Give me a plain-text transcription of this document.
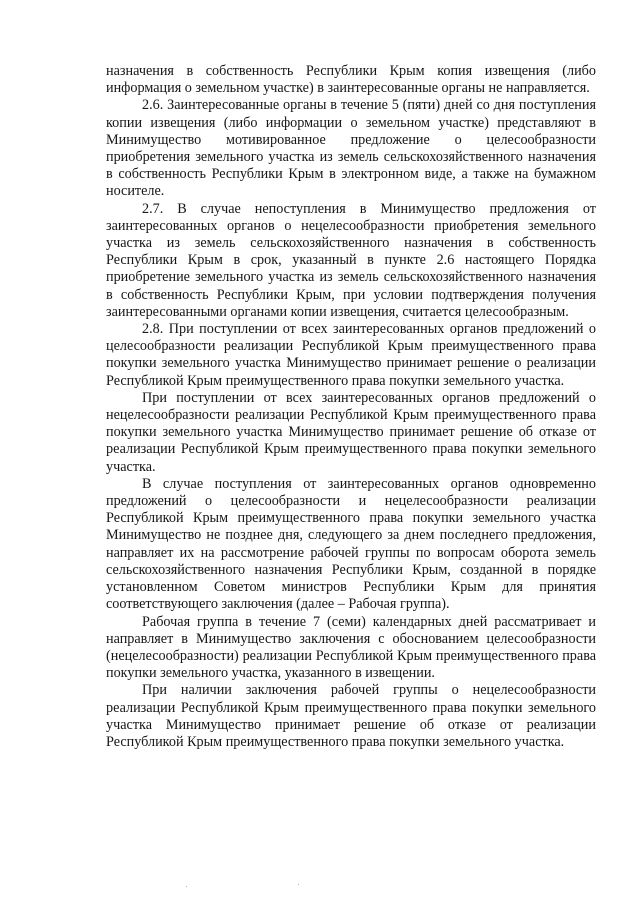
назначения в собственность Республики Крым копия извещения (либо информация о земельном участке) в заинтересованные органы не направляется.

2.6. Заинтересованные органы в течение 5 (пяти) дней со дня поступления копии извещения (либо информации о земельном участке) представляют в Минимущество мотивированное предложение о целесообразности приобретения земельного участка из земель сельскохозяйственного назначения в собственность Республики Крым в электронном виде, а также на бумажном носителе.

2.7. В случае непоступления в Минимущество предложения от заинтересованных органов о нецелесообразности приобретения земельного участка из земель сельскохозяйственного назначения в собственность Республики Крым в срок, указанный в пункте 2.6 настоящего Порядка приобретение земельного участка из земель сельскохозяйственного назначения в собственность Республики Крым, при условии подтверждения получения заинтересованными органами копии извещения, считается целесообразным.

2.8. При поступлении от всех заинтересованных органов предложений о целесообразности реализации Республикой Крым преимущественного права покупки земельного участка Минимущество принимает решение о реализации Республикой Крым преимущественного права покупки земельного участка.

При поступлении от всех заинтересованных органов предложений о нецелесообразности реализации Республикой Крым преимущественного права покупки земельного участка Минимущество принимает решение об отказе от реализации Республикой Крым преимущественного права покупки земельного участка.

В случае поступления от заинтересованных органов одновременно предложений о целесообразности и нецелесообразности реализации Республикой Крым преимущественного права покупки земельного участка Минимущество не позднее дня, следующего за днем последнего предложения, направляет их на рассмотрение рабочей группы по вопросам оборота земель сельскохозяйственного назначения Республики Крым, созданной в порядке установленном Советом министров Республики Крым для принятия соответствующего заключения (далее – Рабочая группа).

Рабочая группа в течение 7 (семи) календарных дней рассматривает и направляет в Минимущество заключения с обоснованием целесообразности (нецелесообразности) реализации Республикой Крым преимущественного права покупки земельного участка, указанного в извещении.

При наличии заключения рабочей группы о нецелесообразности реализации Республикой Крым преимущественного права покупки земельного участка Минимущество принимает решение об отказе от реализации Республикой Крым преимущественного права покупки земельного участка.
